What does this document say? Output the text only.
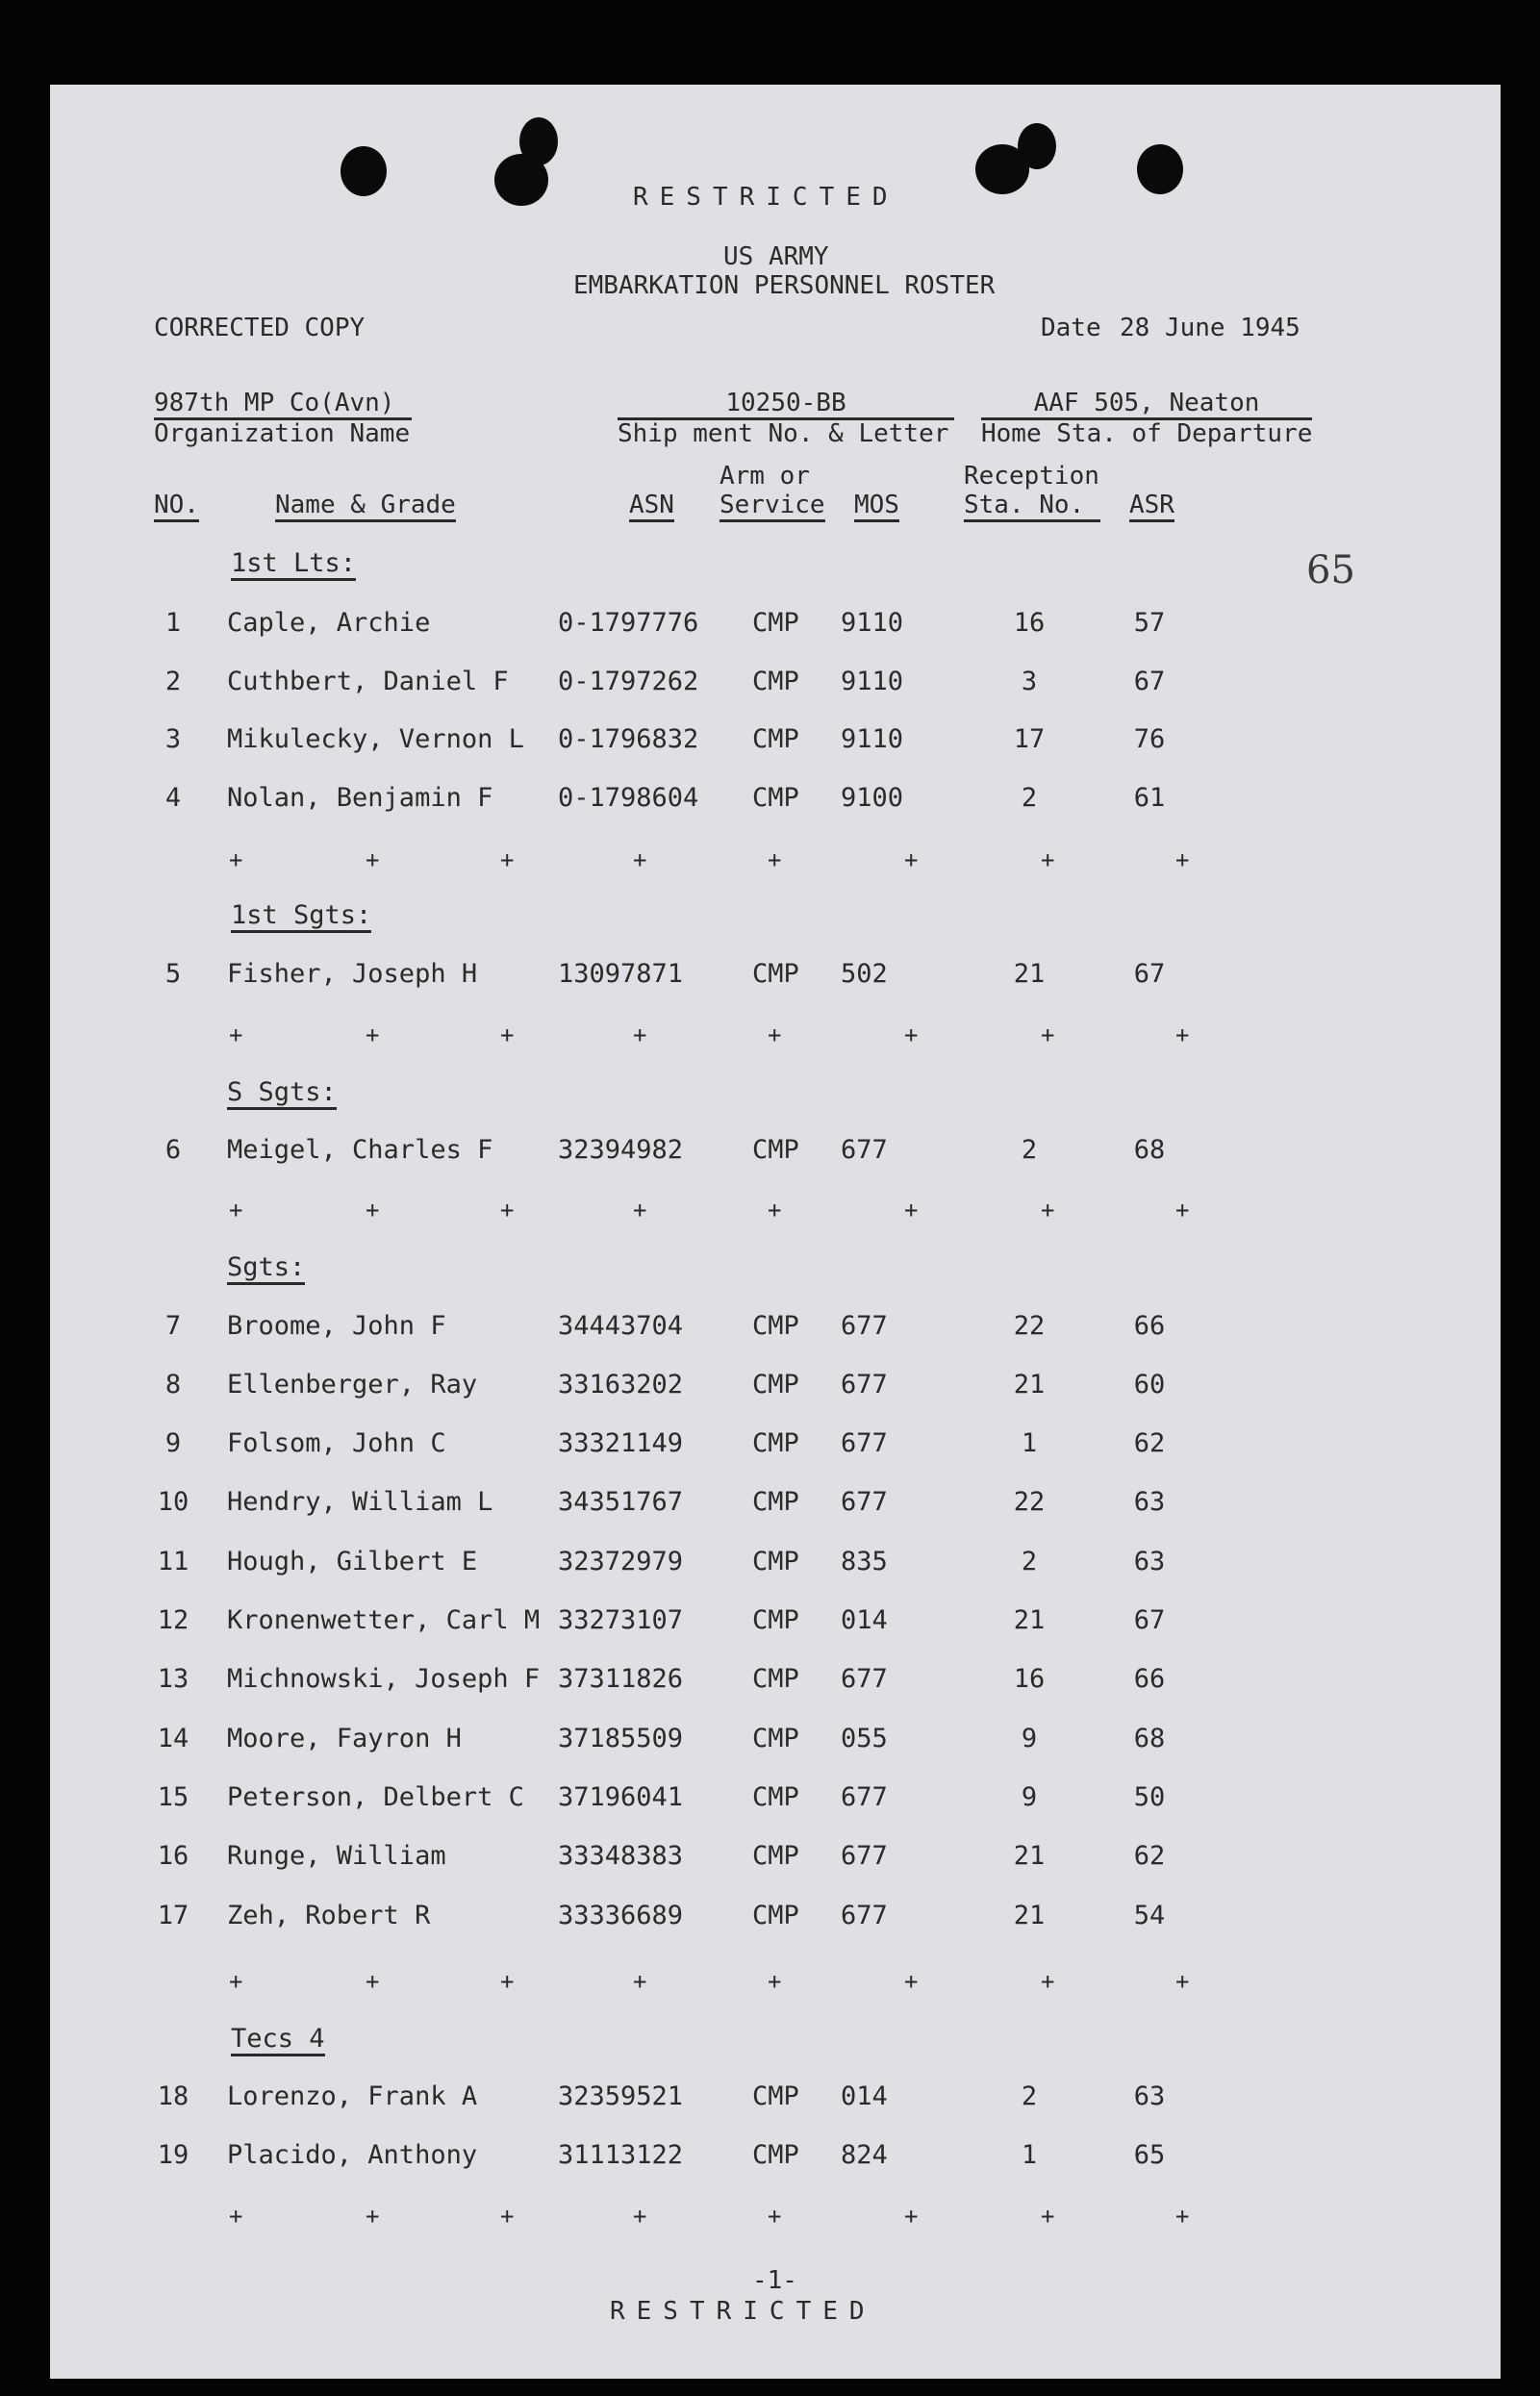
RESTRICTED
US ARMY
EMBARKATION PERSONNEL ROSTER
CORRECTED COPY	Date 28 June 1945
987th MP Co(Avn)
Organization Name
10250-BB
Ship ment No. & Letter
AAF 505, Neaton
Home Sta. of Departure
65
NO.	Name & Grade	ASN
Arm or
Service MOS
Reception
Sta. No.	ASR
1st Lts:
1	Caple, Archie	0-1797776 CMP 9110	16	57
2	Cuthbert, Daniel F 0-1797262 CMP 9110	3	67
3	Mikulecky, Vernon L 0-1796832 CMP 9110	17	76
4	Nolan, Benjamin F	0-1798604 CMP 9100	2	61
+	+	+	+	+	+	+	+
1st Sgts:
5	Fisher, Joseph H	13097871	CMP 502	21	67
+	+	+	+	+	+	+	+
S Sgts:
6	Meigel, Charles F	32394982	CMP 677	2	68
+	+	+	+	+	+	+	+
Sgts:
7	Broome, John F	34443704	CMP 677	22	66
8	Ellenberger, Ray	33163202	CMP 677	21	60
9	Folsom, John C	33321149	CMP 677	1	62
10	Hendry, William L	34351767	CMP 677	22	63
11	Hough, Gilbert E	32372979	CMP 835	2	63
12	Kronenwetter, Carl M 33273107	CMP 014	21	67
13	Michnowski, Joseph F 37311826	CMP 677	16	66
14	Moore, Fayron H	37185509	CMP 055	9	68
15	Peterson, Delbert C 37196041	CMP 677	9	50
16	Runge, William	33348383	CMP 677	21	62
17	Zeh, Robert R	33336689	CMP 677	21	54
+	+	+	+	+	+	+	+
Tecs 4
18	Lorenzo, Frank A	32359521	CMP 014	2	63
19	Placido, Anthony	31113122	CMP 824	1	65
+	+	+	+	+	+	+	+
-1-
RESTRICTED
